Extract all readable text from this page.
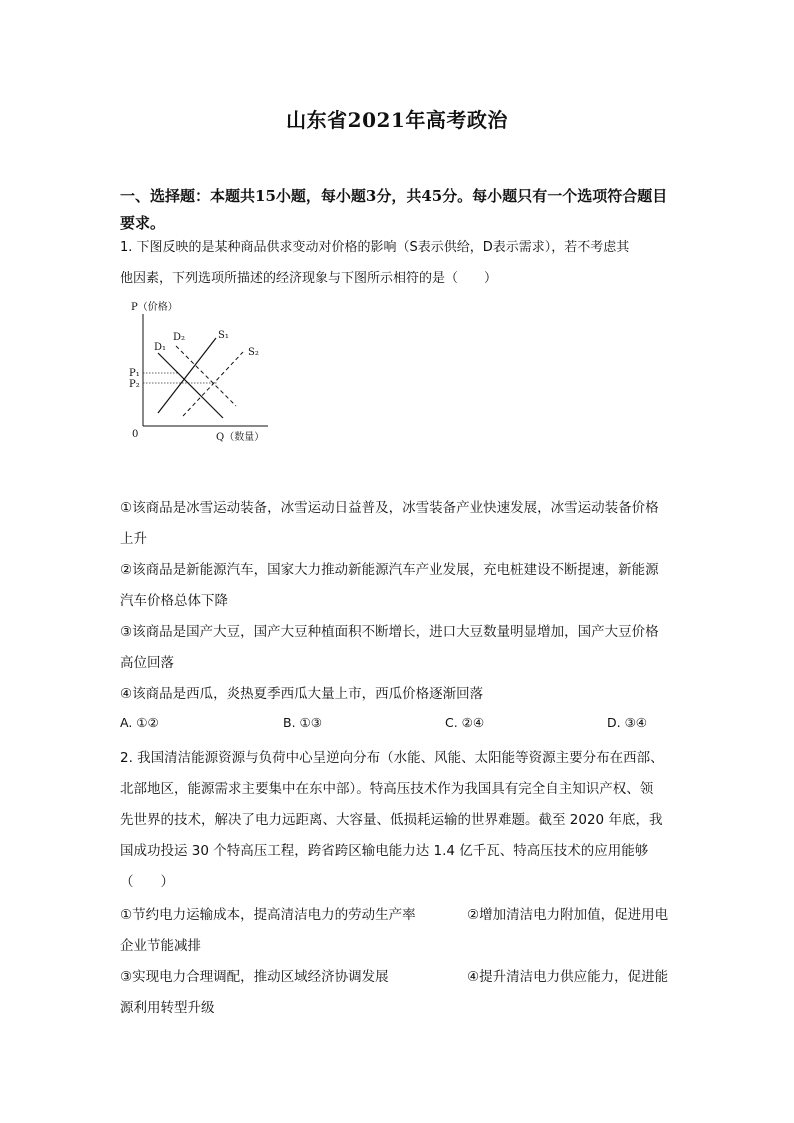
山东省2021年高考政治
一、选择题：本题共15小题，每小题3分，共45分。每小题只有一个选项符合题目要求。
1. 下图反映的是某种商品供求变动对价格的影响（S表示供给，D表示需求），若不考虑其
他因素，下列选项所描述的经济现象与下图所示相符的是（　　）
P（价格）
Q（数量）
0
P₁
P₂
D₁
D₂	S₁
S₂
①该商品是冰雪运动装备，冰雪运动日益普及，冰雪装备产业快速发展，冰雪运动装备价格
上升
②该商品是新能源汽车，国家大力推动新能源汽车产业发展，充电桩建设不断提速，新能源
汽车价格总体下降
③该商品是国产大豆，国产大豆种植面积不断增长，进口大豆数量明显增加，国产大豆价格
高位回落
④该商品是西瓜，炎热夏季西瓜大量上市，西瓜价格逐渐回落
A. ①②	B. ①③	C. ②④	D. ③④
2. 我国清洁能源资源与负荷中心呈逆向分布（水能、风能、太阳能等资源主要分布在西部、
北部地区，能源需求主要集中在东中部）。特高压技术作为我国具有完全自主知识产权、领
先世界的技术，解决了电力远距离、大容量、低损耗运输的世界难题。截至 2020 年底，我
国成功投运 30 个特高压工程，跨省跨区输电能力达 1.4 亿千瓦、特高压技术的应用能够
（　　）
①节约电力运输成本，提高清洁电力的劳动生产率	②增加清洁电力附加值，促进用电
企业节能减排
③实现电力合理调配，推动区域经济协调发展	④提升清洁电力供应能力，促进能
源利用转型升级
